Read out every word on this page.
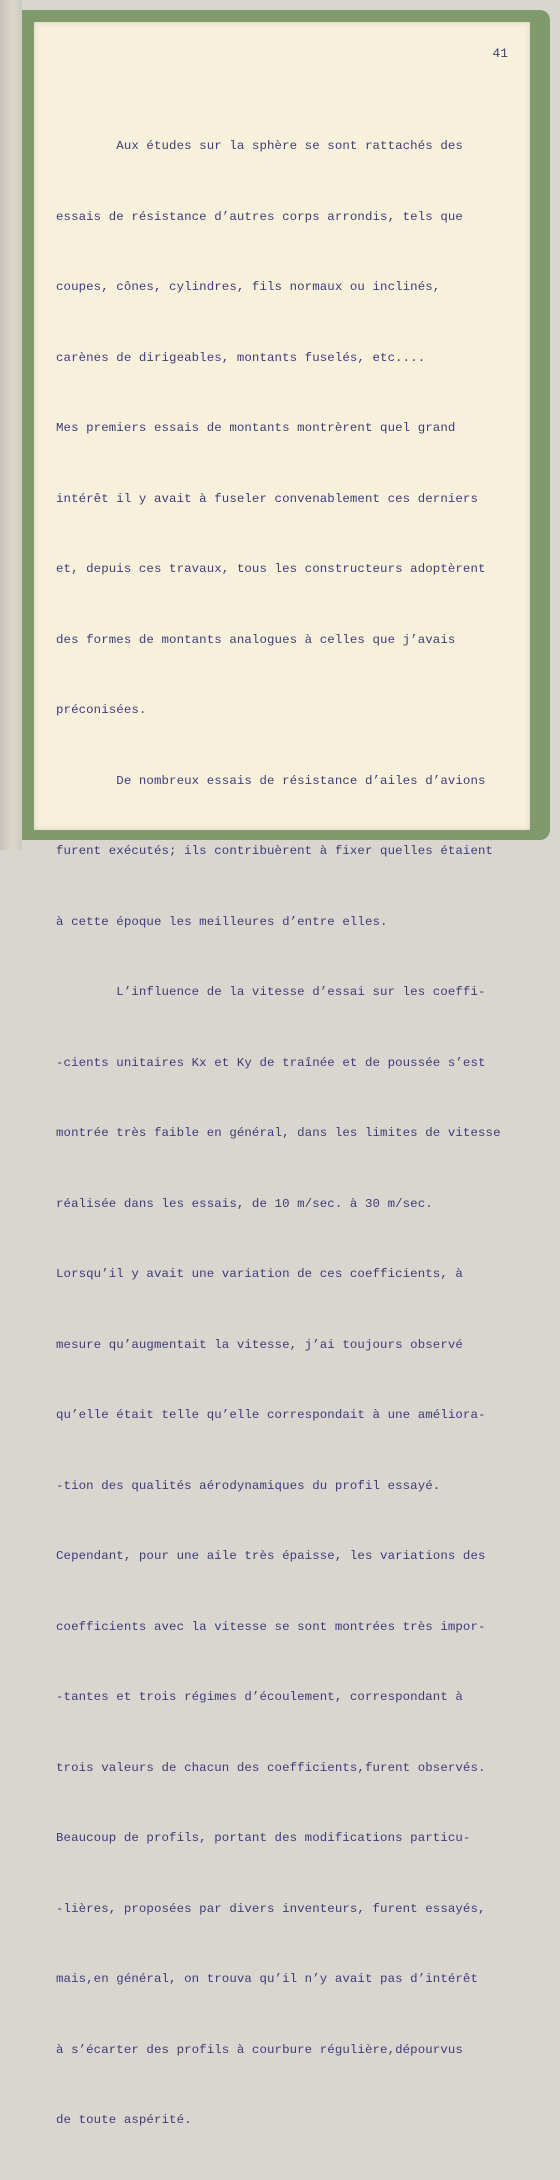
41

Aux études sur la sphère se sont rattachés des

essais de résistance d’autres corps arrondis, tels que

coupes, cônes, cylindres, fils normaux ou inclinés,

carènes de dirigeables, montants fuselés, etc....

Mes premiers essais de montants montrèrent quel grand

intérêt il y avait à fuseler convenablement ces derniers

et, depuis ces travaux, tous les constructeurs adoptèrent

des formes de montants analogues à celles que j’avais

préconisées.

De nombreux essais de résistance d’ailes d’avions

furent exécutés; ils contribuèrent à fixer quelles étaient

à cette époque les meilleures d’entre elles.

L’influence de la vitesse d’essai sur les coeffi-

-cients unitaires Kx et Ky de traînée et de poussée s’est

montrée très faible en général, dans les limites de vitesse

réalisée dans les essais, de 10 m/sec. à 30 m/sec.

Lorsqu’il y avait une variation de ces coefficients, à

mesure qu’augmentait la vitesse, j’ai toujours observé

qu’elle était telle qu’elle correspondait à une améliora-

-tion des qualités aérodynamiques du profil essayé.

Cependant, pour une aile très épaisse, les variations des

coefficients avec la vitesse se sont montrées très impor-

-tantes et trois régimes d’écoulement, correspondant à

trois valeurs de chacun des coefficients,furent observés.

Beaucoup de profils, portant des modifications particu-

-lières, proposées par divers inventeurs, furent essayés,

mais,en général, on trouva qu’il n’y avait pas d’intérêt

à s’écarter des profils à courbure régulière,dépourvus

de toute aspérité.
